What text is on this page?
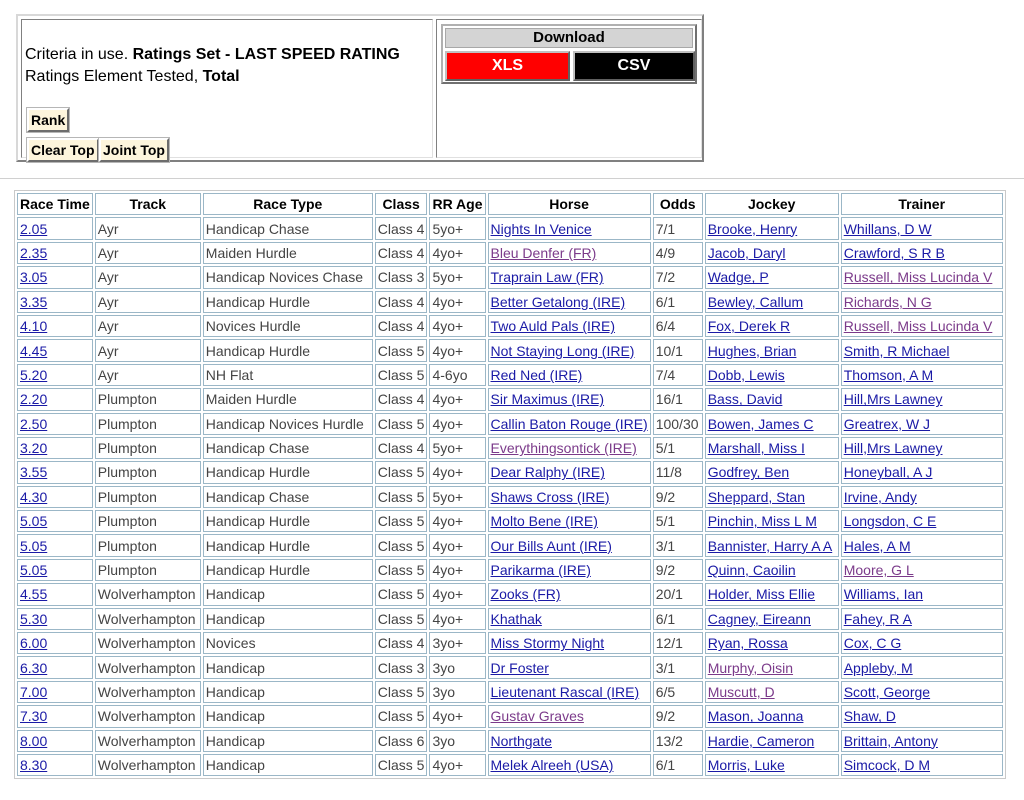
Criteria in use. Ratings Set - LAST SPEED RATING
Ratings Element Tested, Total
Rank
Clear Top Joint Top
Download
XLS	CSV
Race Time	Track	Race Type	Class	RR Age	Horse	Odds	Jockey	Trainer
2.05	Ayr	Handicap Chase	Class 4	5yo+	Nights In Venice	7/1	Brooke, Henry	Whillans, D W
2.35	Ayr	Maiden Hurdle	Class 4	4yo+	Bleu Denfer (FR)	4/9	Jacob, Daryl	Crawford, S R B
3.05	Ayr	Handicap Novices Chase	Class 3	5yo+	Traprain Law (FR)	7/2	Wadge, P	Russell, Miss Lucinda V
3.35	Ayr	Handicap Hurdle	Class 4	4yo+	Better Getalong (IRE)	6/1	Bewley, Callum	Richards, N G
4.10	Ayr	Novices Hurdle	Class 4	4yo+	Two Auld Pals (IRE)	6/4	Fox, Derek R	Russell, Miss Lucinda V
4.45	Ayr	Handicap Hurdle	Class 5	4yo+	Not Staying Long (IRE)	10/1	Hughes, Brian	Smith, R Michael
5.20	Ayr	NH Flat	Class 5	4-6yo	Red Ned (IRE)	7/4	Dobb, Lewis	Thomson, A M
2.20	Plumpton	Maiden Hurdle	Class 4	4yo+	Sir Maximus (IRE)	16/1	Bass, David	Hill,Mrs Lawney
2.50	Plumpton	Handicap Novices Hurdle	Class 5	4yo+	Callin Baton Rouge (IRE)	100/30	Bowen, James C	Greatrex, W J
3.20	Plumpton	Handicap Chase	Class 4	5yo+	Everythingsontick (IRE)	5/1	Marshall, Miss I	Hill,Mrs Lawney
3.55	Plumpton	Handicap Hurdle	Class 5	4yo+	Dear Ralphy (IRE)	11/8	Godfrey, Ben	Honeyball, A J
4.30	Plumpton	Handicap Chase	Class 5	5yo+	Shaws Cross (IRE)	9/2	Sheppard, Stan	Irvine, Andy
5.05	Plumpton	Handicap Hurdle	Class 5	4yo+	Molto Bene (IRE)	5/1	Pinchin, Miss L M	Longsdon, C E
5.05	Plumpton	Handicap Hurdle	Class 5	4yo+	Our Bills Aunt (IRE)	3/1	Bannister, Harry A A	Hales, A M
5.05	Plumpton	Handicap Hurdle	Class 5	4yo+	Parikarma (IRE)	9/2	Quinn, Caoilin	Moore, G L
4.55	Wolverhampton	Handicap	Class 5	4yo+	Zooks (FR)	20/1	Holder, Miss Ellie	Williams, Ian
5.30	Wolverhampton	Handicap	Class 5	4yo+	Khathak	6/1	Cagney, Eireann	Fahey, R A
6.00	Wolverhampton	Novices	Class 4	3yo+	Miss Stormy Night	12/1	Ryan, Rossa	Cox, C G
6.30	Wolverhampton	Handicap	Class 3	3yo	Dr Foster	3/1	Murphy, Oisin	Appleby, M
7.00	Wolverhampton	Handicap	Class 5	3yo	Lieutenant Rascal (IRE)	6/5	Muscutt, D	Scott, George
7.30	Wolverhampton	Handicap	Class 5	4yo+	Gustav Graves	9/2	Mason, Joanna	Shaw, D
8.00	Wolverhampton	Handicap	Class 6	3yo	Northgate	13/2	Hardie, Cameron	Brittain, Antony
8.30	Wolverhampton	Handicap	Class 5	4yo+	Melek Alreeh (USA)	6/1	Morris, Luke	Simcock, D M
